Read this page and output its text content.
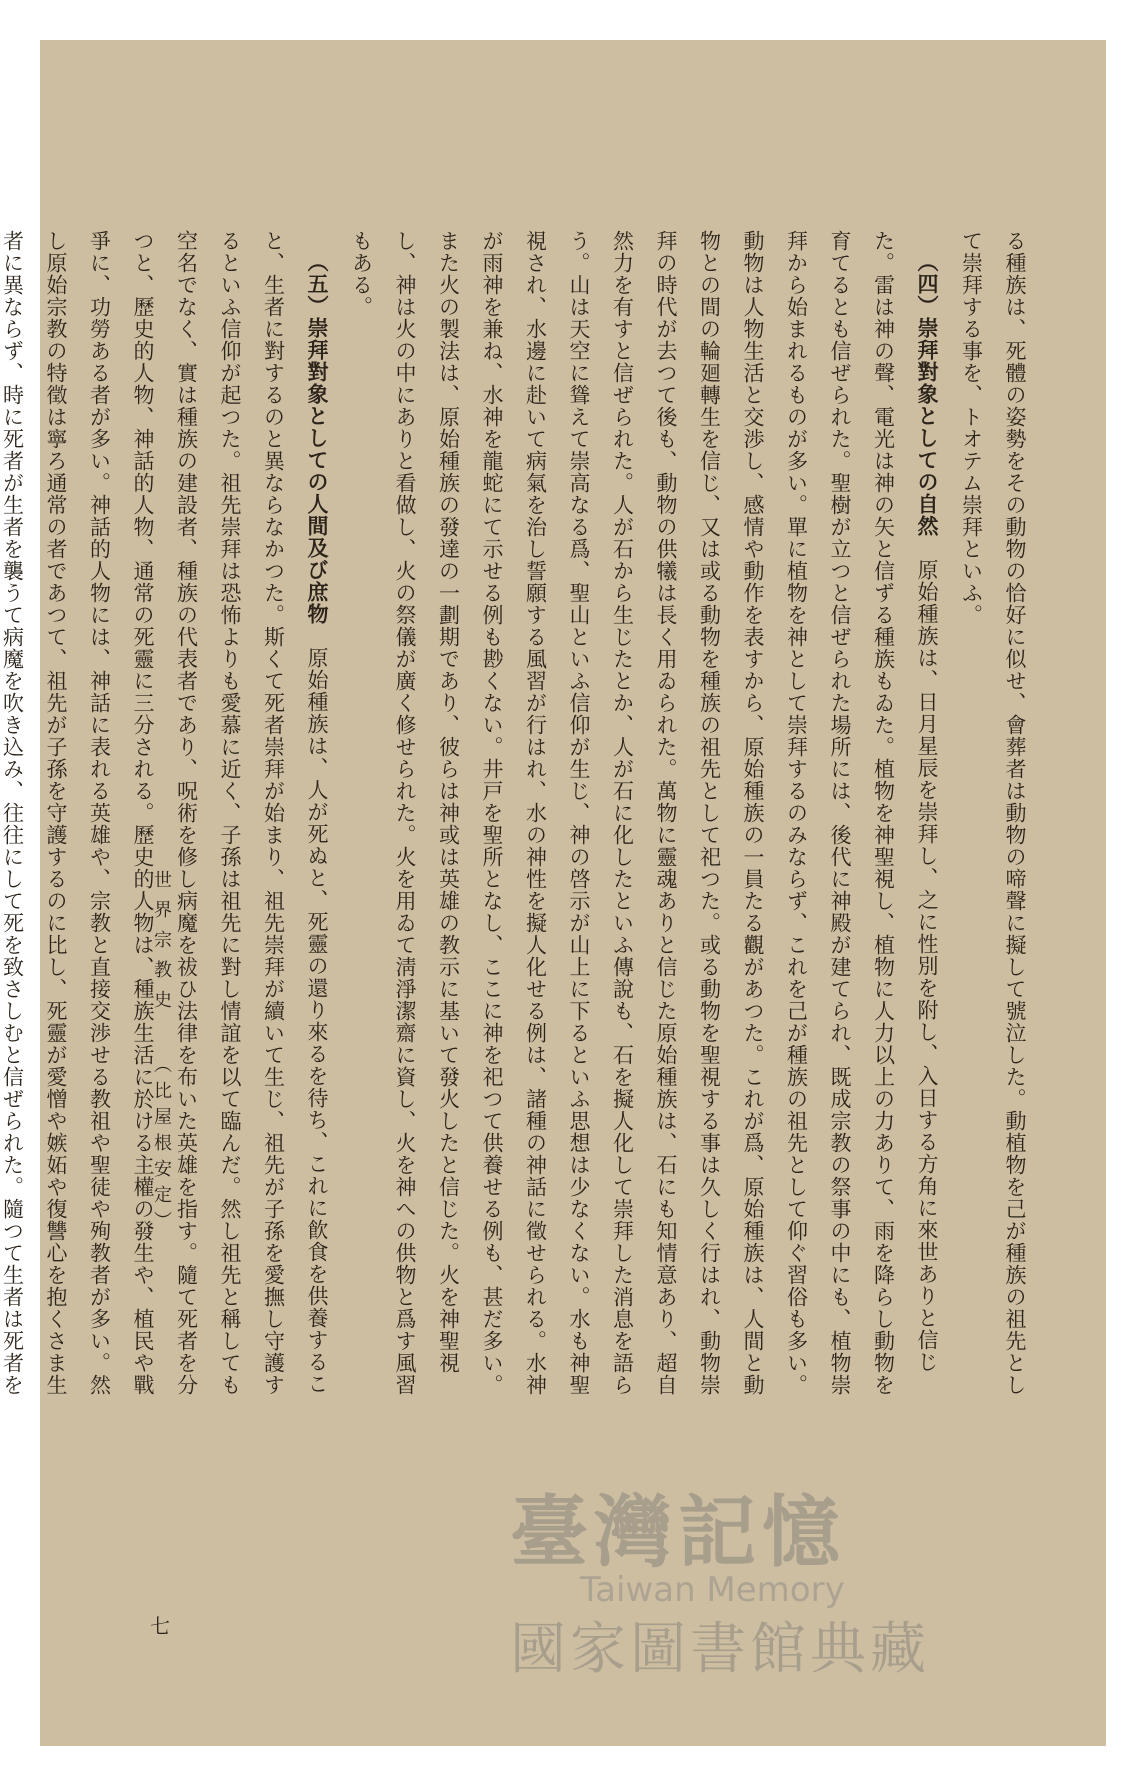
る種族は、死體の姿勢をその動物の恰好に似せ、會葬者は動物の啼聲に擬して號泣した。動植物を己が種族の祖先として崇拜する事を、トオテム崇拜といふ。

（四）崇拜對象としての自然　原始種族は、日月星辰を崇拜し、之に性別を附し、入日する方角に來世ありと信じた。雷は神の聲、電光は神の矢と信ずる種族もゐた。植物を神聖視し、植物に人力以上の力ありて、雨を降らし動物を育てるとも信ぜられた。聖樹が立つと信ぜられた場所には、後代に神殿が建てられ、既成宗教の祭事の中にも、植物崇拜から始まれるものが多い。單に植物を神として崇拜するのみならず、これを己が種族の祖先として仰ぐ習俗も多い。動物は人物生活と交渉し、感情や動作を表すから、原始種族の一員たる觀があつた。これが爲、原始種族は、人間と動物との間の輪廻轉生を信じ、又は或る動物を種族の祖先として祀つた。或る動物を聖視する事は久しく行はれ、動物崇拜の時代が去つて後も、動物の供犧は長く用ゐられた。萬物に靈魂ありと信じた原始種族は、石にも知情意あり、超自然力を有すと信ぜられた。人が石から生じたとか、人が石に化したといふ傳說も、石を擬人化して崇拜した消息を語らう。山は天空に聳えて崇高なる爲、聖山といふ信仰が生じ、神の啓示が山上に下るといふ思想は少なくない。水も神聖視され、水邊に赴いて病氣を治し誓願する風習が行はれ、水の神性を擬人化せる例は、諸種の神話に徵せられる。水神が雨神を兼ね、水神を龍蛇にて示せる例も尠くない。井戸を聖所となし、ここに神を祀つて供養せる例も、甚だ多い。また火の製法は、原始種族の發達の一劃期であり、彼らは神或は英雄の教示に基いて發火したと信じた。火を神聖視し、神は火の中にありと看做し、火の祭儀が廣く修せられた。火を用ゐて淸淨潔齋に資し、火を神への供物と爲す風習もある。

（五）崇拜對象としての人間及び庶物　原始種族は、人が死ぬと、死靈の還り來るを待ち、これに飮食を供養すること、生者に對するのと異ならなかつた。斯くて死者崇拜が始まり、祖先崇拜が續いて生じ、祖先が子孫を愛撫し守護するといふ信仰が起つた。祖先崇拜は恐怖よりも愛慕に近く、子孫は祖先に對し情誼を以て臨んだ。然し祖先と稱しても空名でなく、實は種族の建設者、種族の代表者であり、呪術を修し病魔を祓ひ法律を布いた英雄を指す。隨て死者を分つと、歷史的人物、神話的人物、通常の死靈に三分される。歷史的人物は、種族生活に於ける主權の發生や、植民や戰爭に、功勞ある者が多い。神話的人物には、神話に表れる英雄や、宗教と直接交渉せる教祖や聖徒や殉教者が多い。然し原始宗教の特徵は寧ろ通常の者であつて、祖先が子孫を守護するのに比し、死靈が愛憎や嫉妬や復讐心を抱くさま生者に異ならず、時に死者が生者を襲うて病魔を吹き込み、往往にして死を致さしむと信ぜられた。隨つて生者は死者を

世界宗教史
（比屋根安定）
七
臺灣記憶
Taiwan Memory
國家圖書館典藏
